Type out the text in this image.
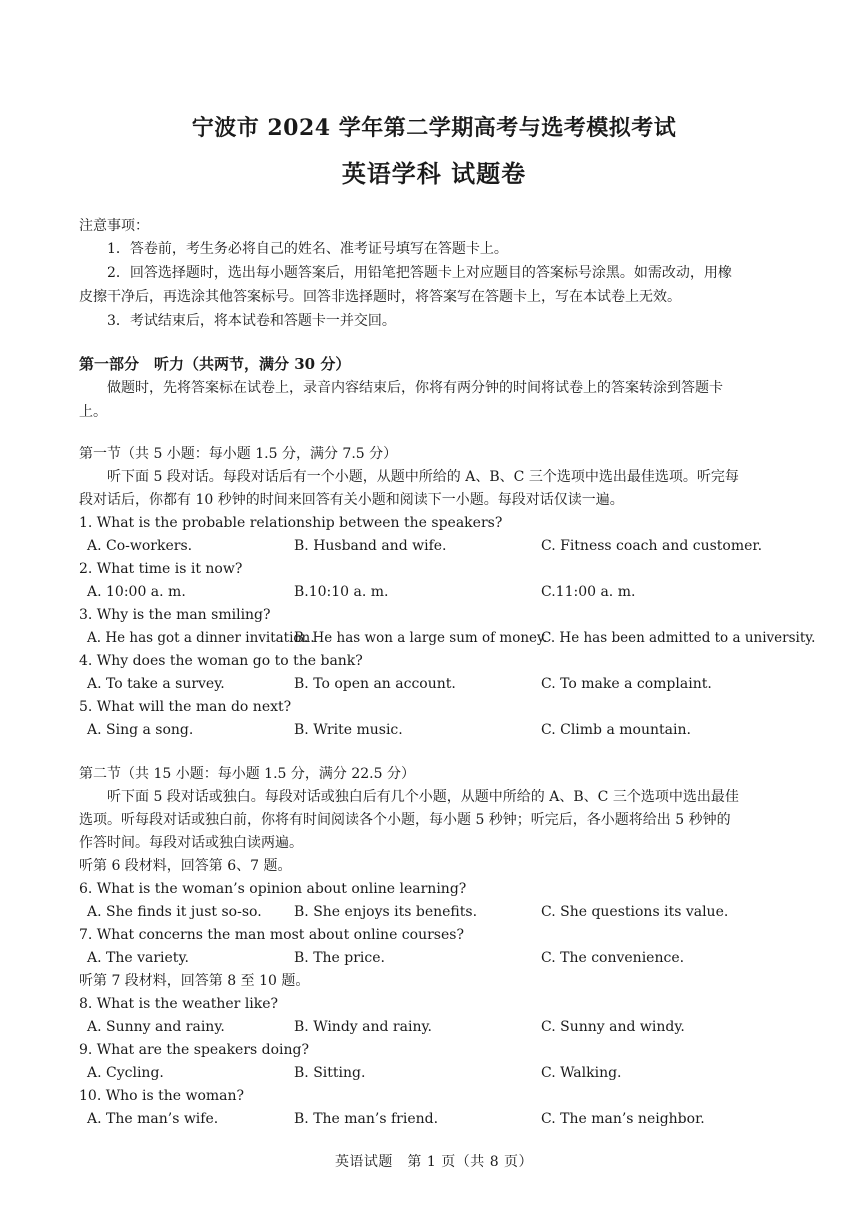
宁波市 2024 学年第二学期高考与选考模拟考试
英语学科 试题卷
注意事项：
1．答卷前，考生务必将自己的姓名、准考证号填写在答题卡上。
2．回答选择题时，选出每小题答案后，用铅笔把答题卡上对应题目的答案标号涂黑。如需改动，用橡
皮擦干净后，再选涂其他答案标号。回答非选择题时，将答案写在答题卡上，写在本试卷上无效。
3．考试结束后，将本试卷和答题卡一并交回。
第一部分　听力（共两节，满分 30 分）
做题时，先将答案标在试卷上，录音内容结束后，你将有两分钟的时间将试卷上的答案转涂到答题卡
上。
第一节（共 5 小题：每小题 1.5 分，满分 7.5 分）
听下面 5 段对话。每段对话后有一个小题，从题中所给的 A、B、C 三个选项中选出最佳选项。听完每
段对话后，你都有 10 秒钟的时间来回答有关小题和阅读下一小题。每段对话仅读一遍。
1. What is the probable relationship between the speakers?
A. Co-workers.	B. Husband and wife.	C. Fitness coach and customer.
2. What time is it now?
A. 10:00 a. m.	B.10:10 a. m.	C.11:00 a. m.
3. Why is the man smiling?
A. He has got a dinner invitation.
B. He has won a large sum of money.
C. He has been admitted to a university.
4. Why does the woman go to the bank?
A. To take a survey.	B. To open an account.	C. To make a complaint.
5. What will the man do next?
A. Sing a song.	B. Write music.	C. Climb a mountain.
第二节（共 15 小题：每小题 1.5 分，满分 22.5 分）
听下面 5 段对话或独白。每段对话或独白后有几个小题，从题中所给的 A、B、C 三个选项中选出最佳
选项。听每段对话或独白前，你将有时间阅读各个小题，每小题 5 秒钟；听完后，各小题将给出 5 秒钟的
作答时间。每段对话或独白读两遍。
听第 6 段材料，回答第 6、7 题。
6. What is the woman’s opinion about online learning?
A. She finds it just so-so. B. She enjoys its benefits.	C. She questions its value.
7. What concerns the man most about online courses?
A. The variety.	B. The price.	C. The convenience.
听第 7 段材料，回答第 8 至 10 题。
8. What is the weather like?
A. Sunny and rainy.	B. Windy and rainy.	C. Sunny and windy.
9. What are the speakers doing?
A. Cycling.	B. Sitting.	C. Walking.
10. Who is the woman?
A. The man’s wife.	B. The man’s friend.	C. The man’s neighbor.
英语试题　第 1 页（共 8 页）
